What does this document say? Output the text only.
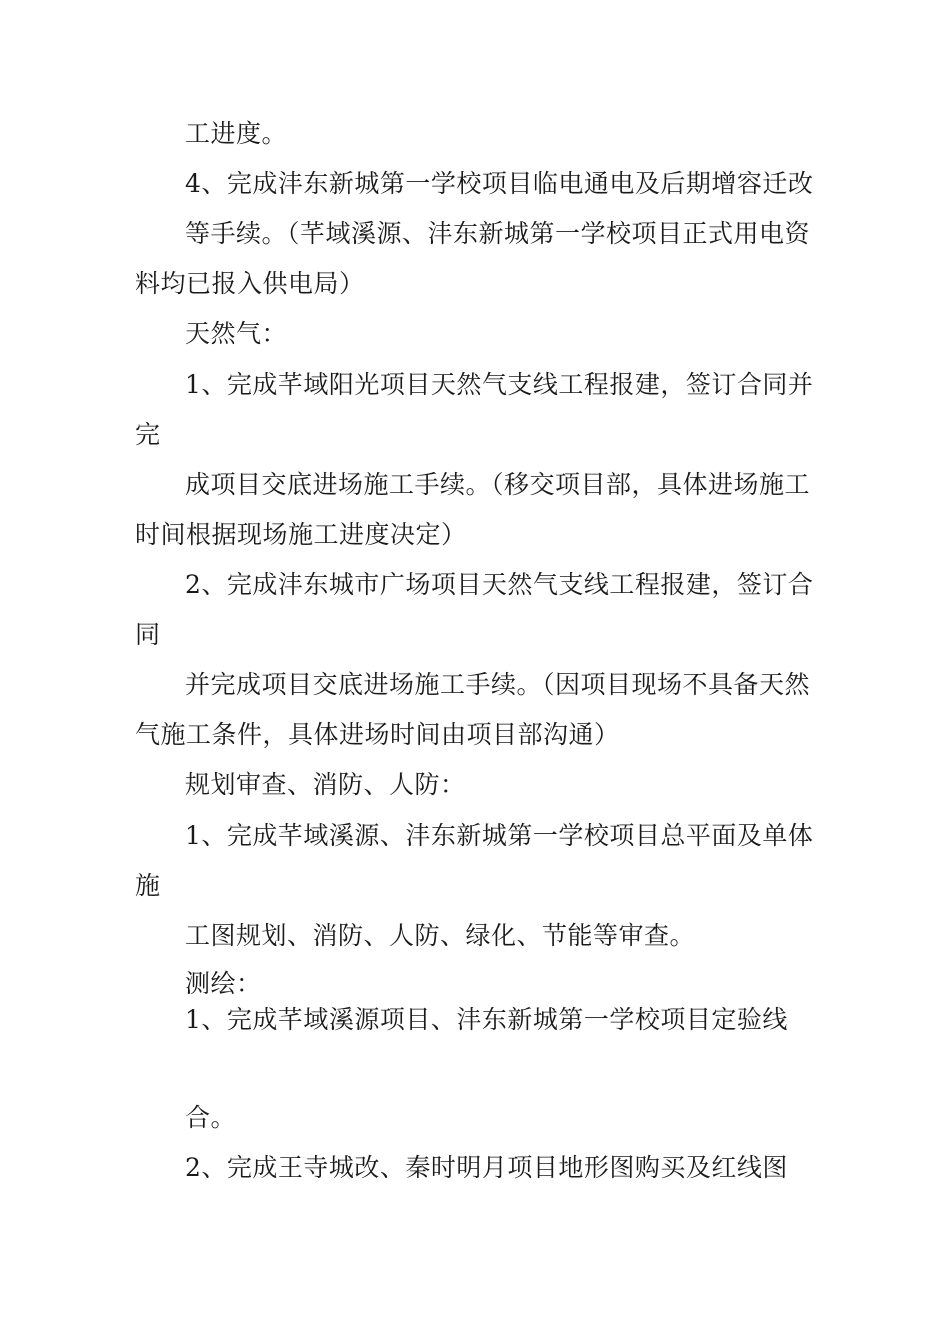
工进度。
4、完成沣东新城第一学校项目临电通电及后期增容迁改
等手续。（芊域溪源、沣东新城第一学校项目正式用电资
料均已报入供电局）
天然气：
1、完成芊域阳光项目天然气支线工程报建，签订合同并
完
成项目交底进场施工手续。（移交项目部，具体进场施工
时间根据现场施工进度决定）
2、完成沣东城市广场项目天然气支线工程报建，签订合
同
并完成项目交底进场施工手续。（因项目现场不具备天然
气施工条件，具体进场时间由项目部沟通）
规划审查、消防、人防：
1、完成芊域溪源、沣东新城第一学校项目总平面及单体
施
工图规划、消防、人防、绿化、节能等审查。
测绘：
1、完成芊域溪源项目、沣东新城第一学校项目定验线
合。
2、完成王寺城改、秦时明月项目地形图购买及红线图
